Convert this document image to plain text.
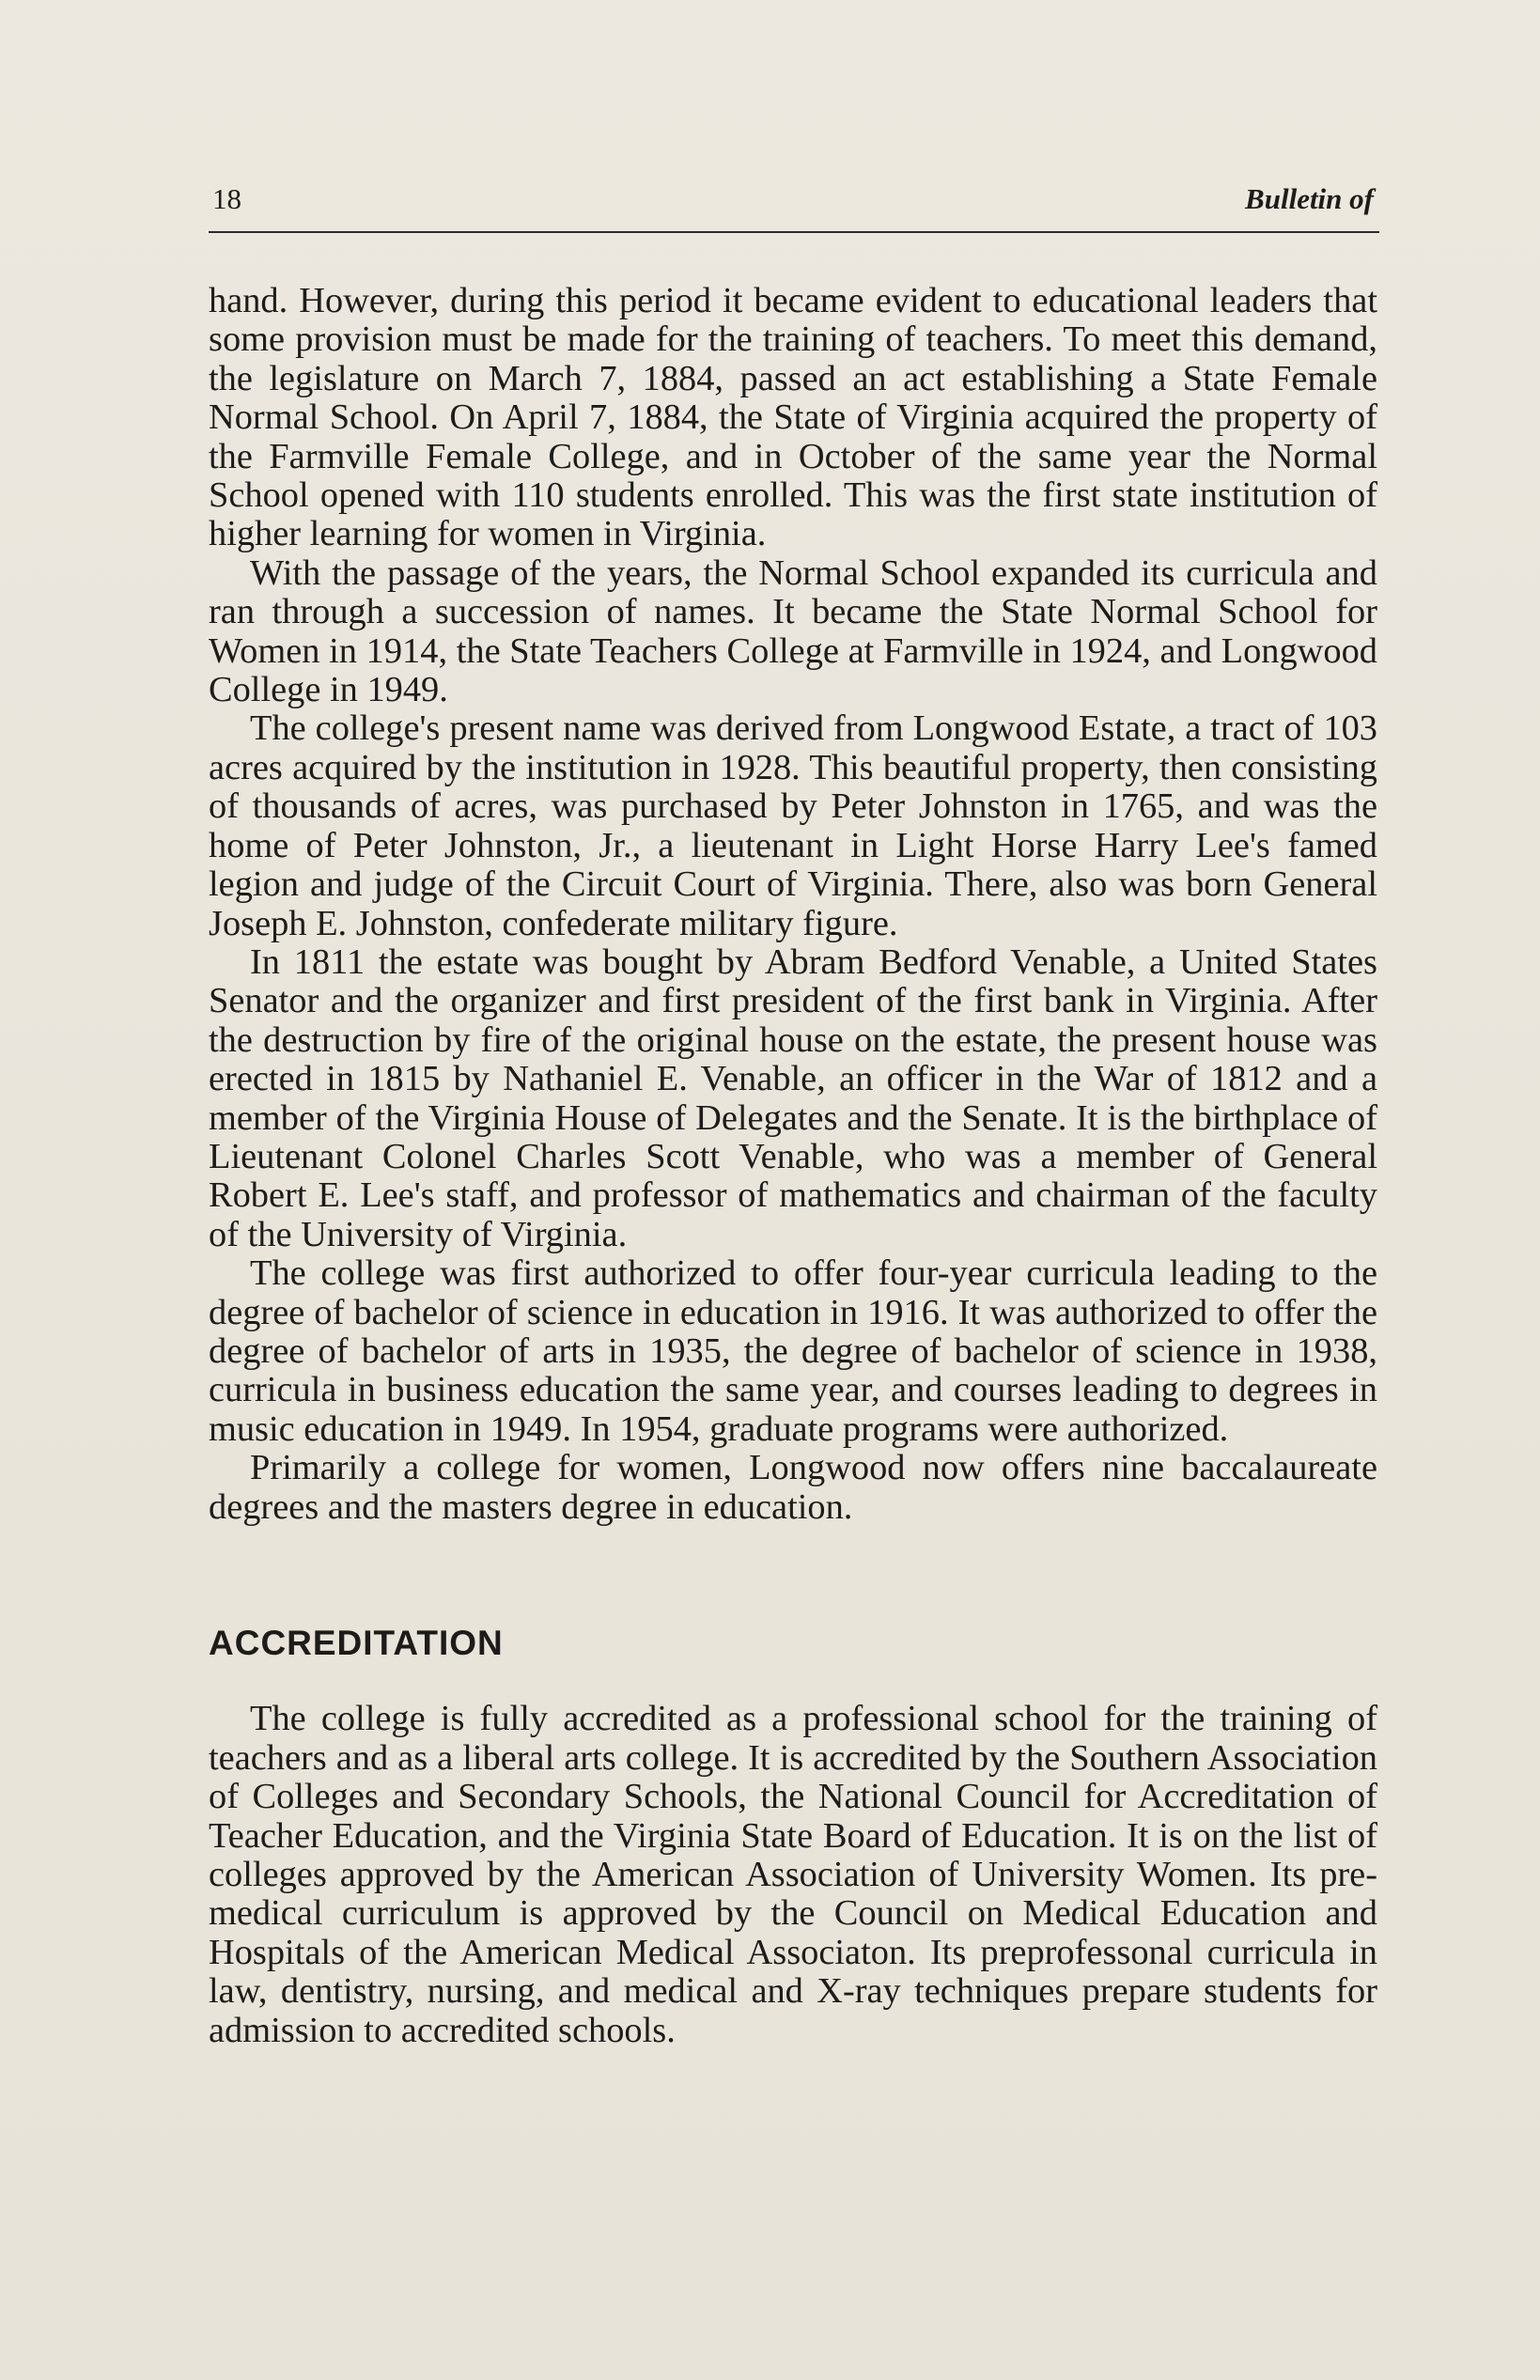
18	Bulletin of

hand. However, during this period it became evident to educational leaders that some provision must be made for the training of teachers. To meet this demand, the legislature on March 7, 1884, passed an act establishing a State Female Normal School. On April 7, 1884, the State of Virginia acquired the property of the Farmville Female College, and in October of the same year the Normal School opened with 110 students enrolled. This was the first state institution of higher learning for women in Virginia.

With the passage of the years, the Normal School expanded its curricula and ran through a succession of names. It became the State Normal School for Women in 1914, the State Teachers College at Farmville in 1924, and Longwood College in 1949.

The college's present name was derived from Longwood Estate, a tract of 103 acres acquired by the institution in 1928. This beautiful property, then consisting of thousands of acres, was purchased by Peter Johnston in 1765, and was the home of Peter Johnston, Jr., a lieutenant in Light Horse Harry Lee's famed legion and judge of the Circuit Court of Virginia. There, also was born General Joseph E. Johnston, confederate military figure.

In 1811 the estate was bought by Abram Bedford Venable, a United States Senator and the organizer and first president of the first bank in Virginia. After the destruction by fire of the original house on the estate, the present house was erected in 1815 by Nathaniel E. Venable, an officer in the War of 1812 and a member of the Virginia House of Delegates and the Senate. It is the birthplace of Lieutenant Colonel Charles Scott Venable, who was a member of General Robert E. Lee's staff, and professor of mathematics and chairman of the faculty of the University of Virginia.

The college was first authorized to offer four-year curricula leading to the degree of bachelor of science in education in 1916. It was authorized to offer the degree of bachelor of arts in 1935, the degree of bachelor of science in 1938, curricula in business education the same year, and courses leading to degrees in music education in 1949. In 1954, graduate programs were authorized.

Primarily a college for women, Longwood now offers nine baccalaureate degrees and the masters degree in education.

ACCREDITATION

The college is fully accredited as a professional school for the training of teachers and as a liberal arts college. It is accredited by the Southern Association of Colleges and Secondary Schools, the National Council for Accreditation of Teacher Education, and the Virginia State Board of Education. It is on the list of colleges approved by the American Association of University Women. Its pre-medical curriculum is approved by the Council on Medical Education and Hospitals of the American Medical Associaton. Its preprofessonal curricula in law, dentistry, nursing, and medical and X-ray techniques prepare students for admission to accredited schools.
